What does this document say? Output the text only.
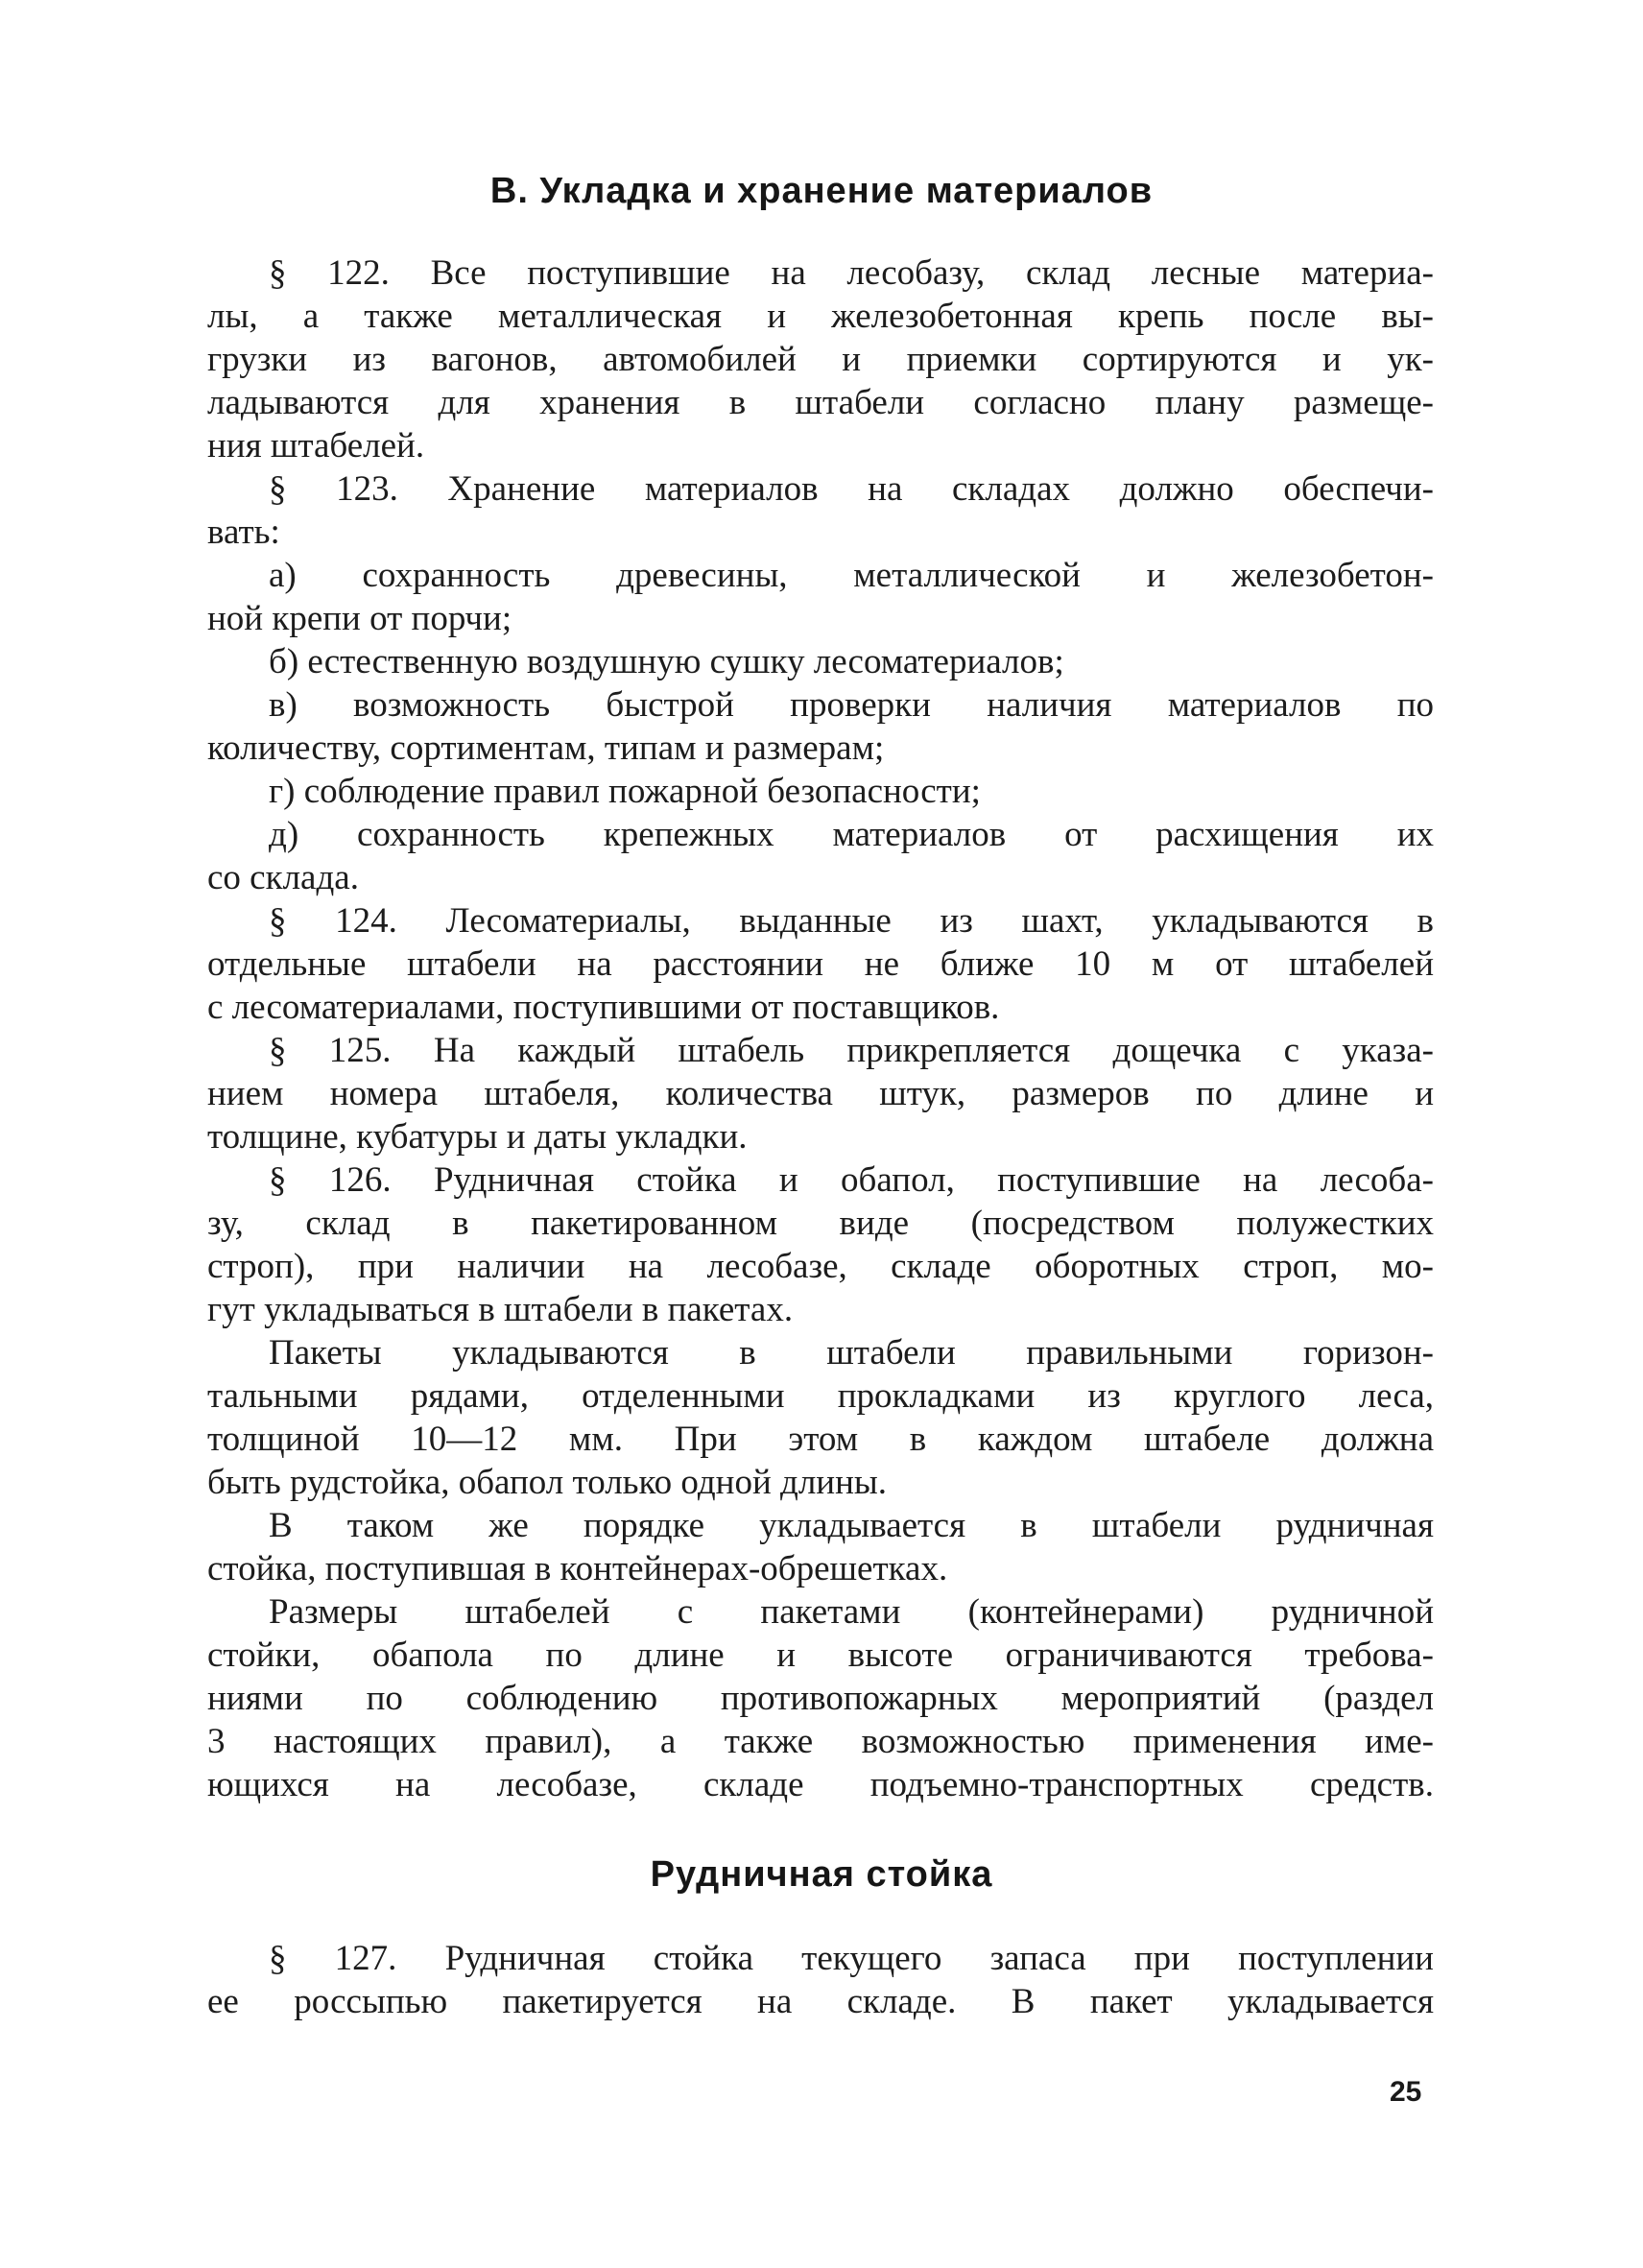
В. Укладка и хранение материалов
§ 122. Все поступившие на лесобазу, склад лесные материа-
лы, а также металлическая и железобетонная крепь после вы-
грузки из вагонов, автомобилей и приемки сортируются и ук-
ладываются для хранения в штабели согласно плану размеще-
ния штабелей.
§ 123. Хранение материалов на складах должно обеспечи-
вать:
а) сохранность древесины, металлической и железобетон-
ной крепи от порчи;
б) естественную воздушную сушку лесоматериалов;
в) возможность быстрой проверки наличия материалов по
количеству, сортиментам, типам и размерам;
г) соблюдение правил пожарной безопасности;
д) сохранность крепежных материалов от расхищения их
со склада.
§ 124. Лесоматериалы, выданные из шахт, укладываются в
отдельные штабели на расстоянии не ближе 10 м от штабелей
с лесоматериалами, поступившими от поставщиков.
§ 125. На каждый штабель прикрепляется дощечка с указа-
нием номера штабеля, количества штук, размеров по длине и
толщине, кубатуры и даты укладки.
§ 126. Рудничная стойка и обапол, поступившие на лесоба-
зу, склад в пакетированном виде (посредством полужестких
строп), при наличии на лесобазе, складе оборотных строп, мо-
гут укладываться в штабели в пакетах.
Пакеты укладываются в штабели правильными горизон-
тальными рядами, отделенными прокладками из круглого леса,
толщиной 10—12 мм. При этом в каждом штабеле должна
быть рудстойка, обапол только одной длины.
В таком же порядке укладывается в штабели рудничная
стойка, поступившая в контейнерах-обрешетках.
Размеры штабелей с пакетами (контейнерами) рудничной
стойки, обапола по длине и высоте ограничиваются требова-
ниями по соблюдению противопожарных мероприятий (раздел
3 настоящих правил), а также возможностью применения име-
ющихся на лесобазе, складе подъемно-транспортных средств.
Рудничная стойка
§ 127. Рудничная стойка текущего запаса при поступлении
ее россыпью пакетируется на складе. В пакет укладывается
25
